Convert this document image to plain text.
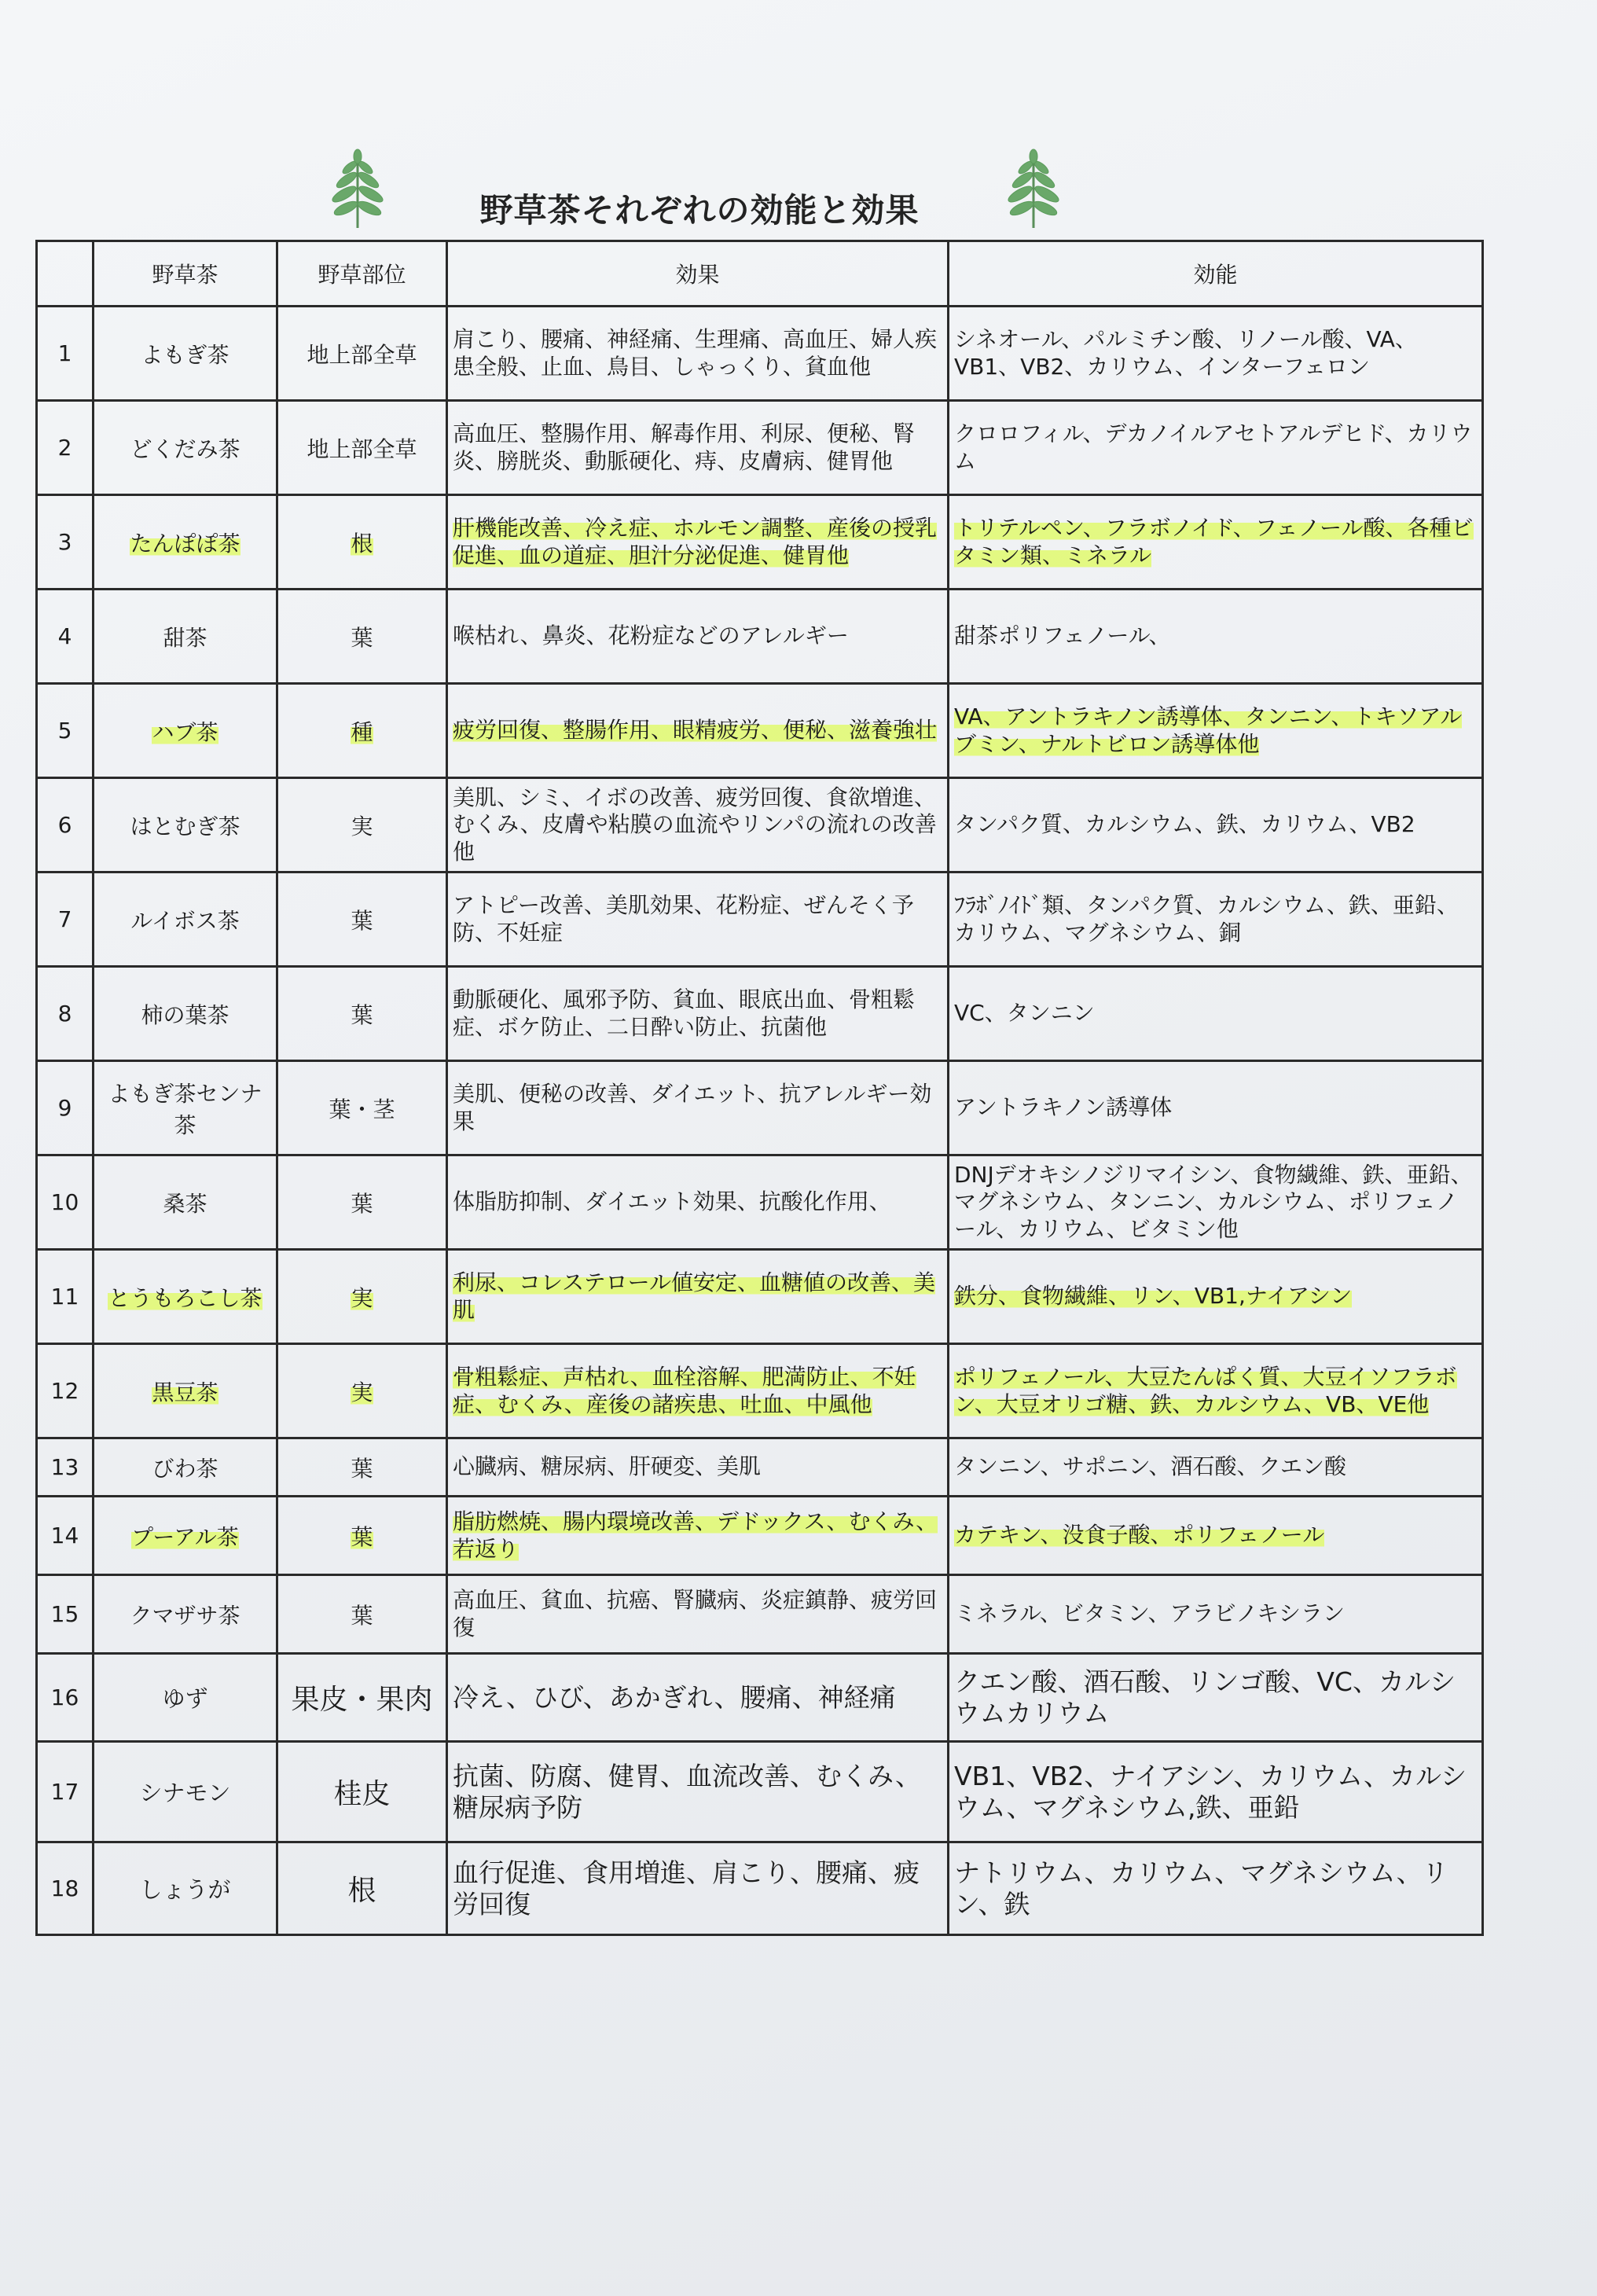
野草茶それぞれの効能と効果
	野草茶	野草部位	効果	効能
1	よもぎ茶	地上部全草	肩こり、腰痛、神経痛、生理痛、高血圧、婦人疾患全般、止血、鳥目、しゃっくり、貧血他	シネオール、パルミチン酸、リノール酸、VA、VB1、VB2、カリウム、インターフェロン
2	どくだみ茶	地上部全草	高血圧、整腸作用、解毒作用、利尿、便秘、腎炎、膀胱炎、動脈硬化、痔、皮膚病、健胃他	クロロフィル、デカノイルアセトアルデヒド、カリウム
3	たんぽぽ茶	根	肝機能改善、冷え症、ホルモン調整、産後の授乳促進、血の道症、胆汁分泌促進、健胃他	トリテルペン、フラボノイド、フェノール酸、各種ビタミン類、ミネラル
4	甜茶	葉	喉枯れ、鼻炎、花粉症などのアレルギー	甜茶ポリフェノール、
5	ハブ茶	種	疲労回復、整腸作用、眼精疲労、便秘、滋養強壮	VA、アントラキノン誘導体、タンニン、トキソアルブミン、ナルトビロン誘導体他
6	はとむぎ茶	実	美肌、シミ、イボの改善、疲労回復、食欲増進、むくみ、皮膚や粘膜の血流やリンパの流れの改善他	タンパク質、カルシウム、鉄、カリウム、VB2
7	ルイボス茶	葉	アトピー改善、美肌効果、花粉症、ぜんそく予防、不妊症	ﾌﾗﾎﾞﾉｲﾄﾞ類、タンパク質、カルシウム、鉄、亜鉛、カリウム、マグネシウム、銅
8	柿の葉茶	葉	動脈硬化、風邪予防、貧血、眼底出血、骨粗鬆症、ボケ防止、二日酔い防止、抗菌他	VC、タンニン
9	よもぎ茶センナ茶	葉・茎	美肌、便秘の改善、ダイエット、抗アレルギー効果	アントラキノン誘導体
10	桑茶	葉	体脂肪抑制、ダイエット効果、抗酸化作用、	DNJデオキシノジリマイシン、食物繊維、鉄、亜鉛、マグネシウム、タンニン、カルシウム、ポリフェノール、カリウム、ビタミン他
11	とうもろこし茶	実	利尿、コレステロール値安定、血糖値の改善、美肌	鉄分、食物繊維、リン、VB1,ナイアシン
12	黒豆茶	実	骨粗鬆症、声枯れ、血栓溶解、肥満防止、不妊症、むくみ、産後の諸疾患、吐血、中風他	ポリフェノール、大豆たんぱく質、大豆イソフラボン、大豆オリゴ糖、鉄、カルシウム、VB、VE他
13	びわ茶	葉	心臓病、糖尿病、肝硬変、美肌	タンニン、サポニン、酒石酸、クエン酸
14	プーアル茶	葉	脂肪燃焼、腸内環境改善、デドックス、むくみ、若返り	カテキン、没食子酸、ポリフェノール
15	クマザサ茶	葉	高血圧、貧血、抗癌、腎臓病、炎症鎮静、疲労回復	ミネラル、ビタミン、アラビノキシラン
16	ゆず	果皮・果肉	冷え、ひび、あかぎれ、腰痛、神経痛	クエン酸、酒石酸、リンゴ酸、VC、カルシウムカリウム
17	シナモン	桂皮	抗菌、防腐、健胃、血流改善、むくみ、糖尿病予防	VB1、VB2、ナイアシン、カリウム、カルシウム、マグネシウム,鉄、亜鉛
18	しょうが	根	血行促進、食用増進、肩こり、腰痛、疲労回復	ナトリウム、カリウム、マグネシウム、リン、鉄
